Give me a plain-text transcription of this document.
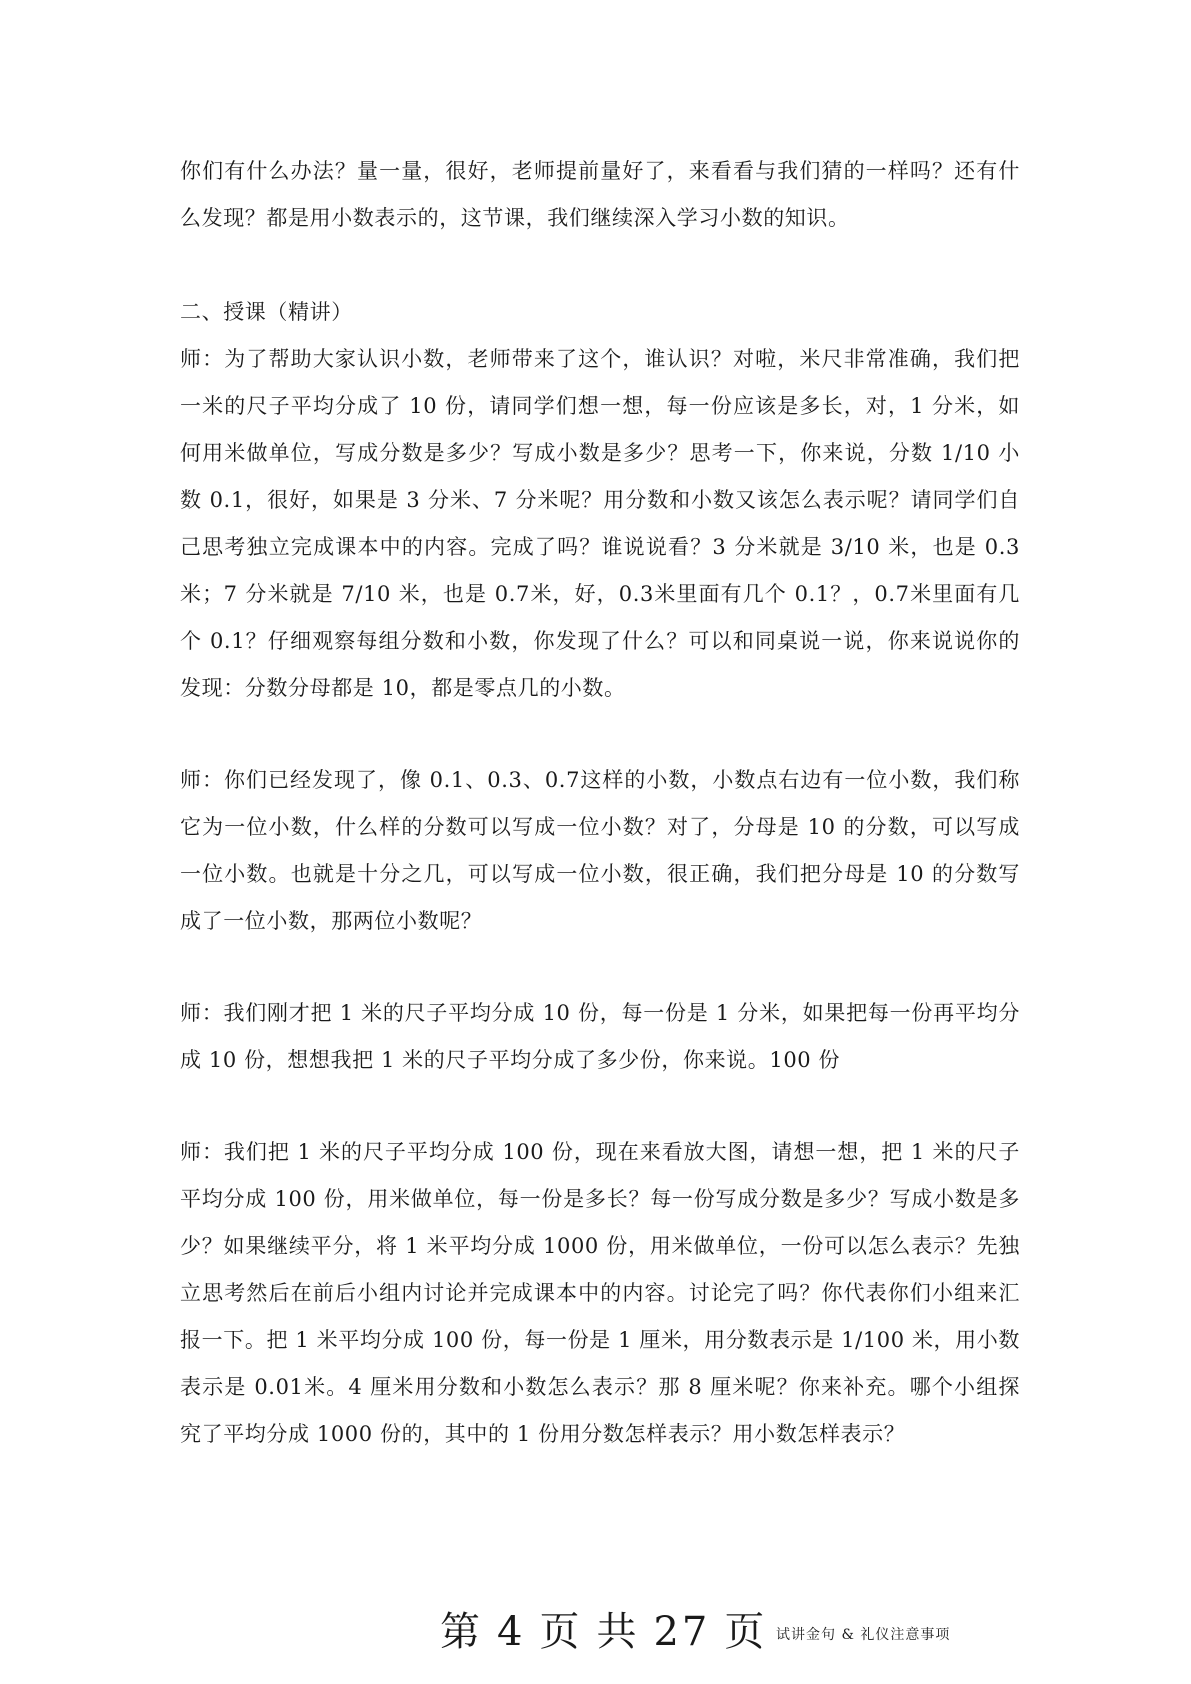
你们有什么办法？量一量，很好，老师提前量好了，来看看与我们猜的一样吗？还有什么发现？都是用小数表示的，这节课，我们继续深入学习小数的知识。

二、授课（精讲）

师：为了帮助大家认识小数，老师带来了这个，谁认识？对啦，米尺非常准确，我们把一米的尺子平均分成了 10 份，请同学们想一想，每一份应该是多长，对，1 分米，如何用米做单位，写成分数是多少？写成小数是多少？思考一下，你来说，分数 1/10 小数 0.1，很好，如果是 3 分米、7 分米呢？用分数和小数又该怎么表示呢？请同学们自己思考独立完成课本中的内容。完成了吗？谁说说看？3 分米就是 3/10 米，也是 0.3米；7 分米就是 7/10 米，也是 0.7米，好，0.3米里面有几个 0.1？，0.7米里面有几个 0.1？仔细观察每组分数和小数，你发现了什么？可以和同桌说一说，你来说说你的发现：分数分母都是 10，都是零点几的小数。

师：你们已经发现了，像 0.1、0.3、0.7这样的小数，小数点右边有一位小数，我们称它为一位小数，什么样的分数可以写成一位小数？对了，分母是 10 的分数，可以写成一位小数。也就是十分之几，可以写成一位小数，很正确，我们把分母是 10 的分数写成了一位小数，那两位小数呢？

师：我们刚才把 1 米的尺子平均分成 10 份，每一份是 1 分米，如果把每一份再平均分成 10 份，想想我把 1 米的尺子平均分成了多少份，你来说。100 份

师：我们把 1 米的尺子平均分成 100 份，现在来看放大图，请想一想，把 1 米的尺子平均分成 100 份，用米做单位，每一份是多长？每一份写成分数是多少？写成小数是多少？如果继续平分，将 1 米平均分成 1000 份，用米做单位，一份可以怎么表示？先独立思考然后在前后小组内讨论并完成课本中的内容。讨论完了吗？你代表你们小组来汇报一下。把 1 米平均分成 100 份，每一份是 1 厘米，用分数表示是 1/100 米，用小数表示是 0.01米。4 厘米用分数和小数怎么表示？那 8 厘米呢？你来补充。哪个小组探究了平均分成 1000 份的，其中的 1 份用分数怎样表示？用小数怎样表示？

第 4 页 共 27 页 试讲金句 & 礼仪注意事项
